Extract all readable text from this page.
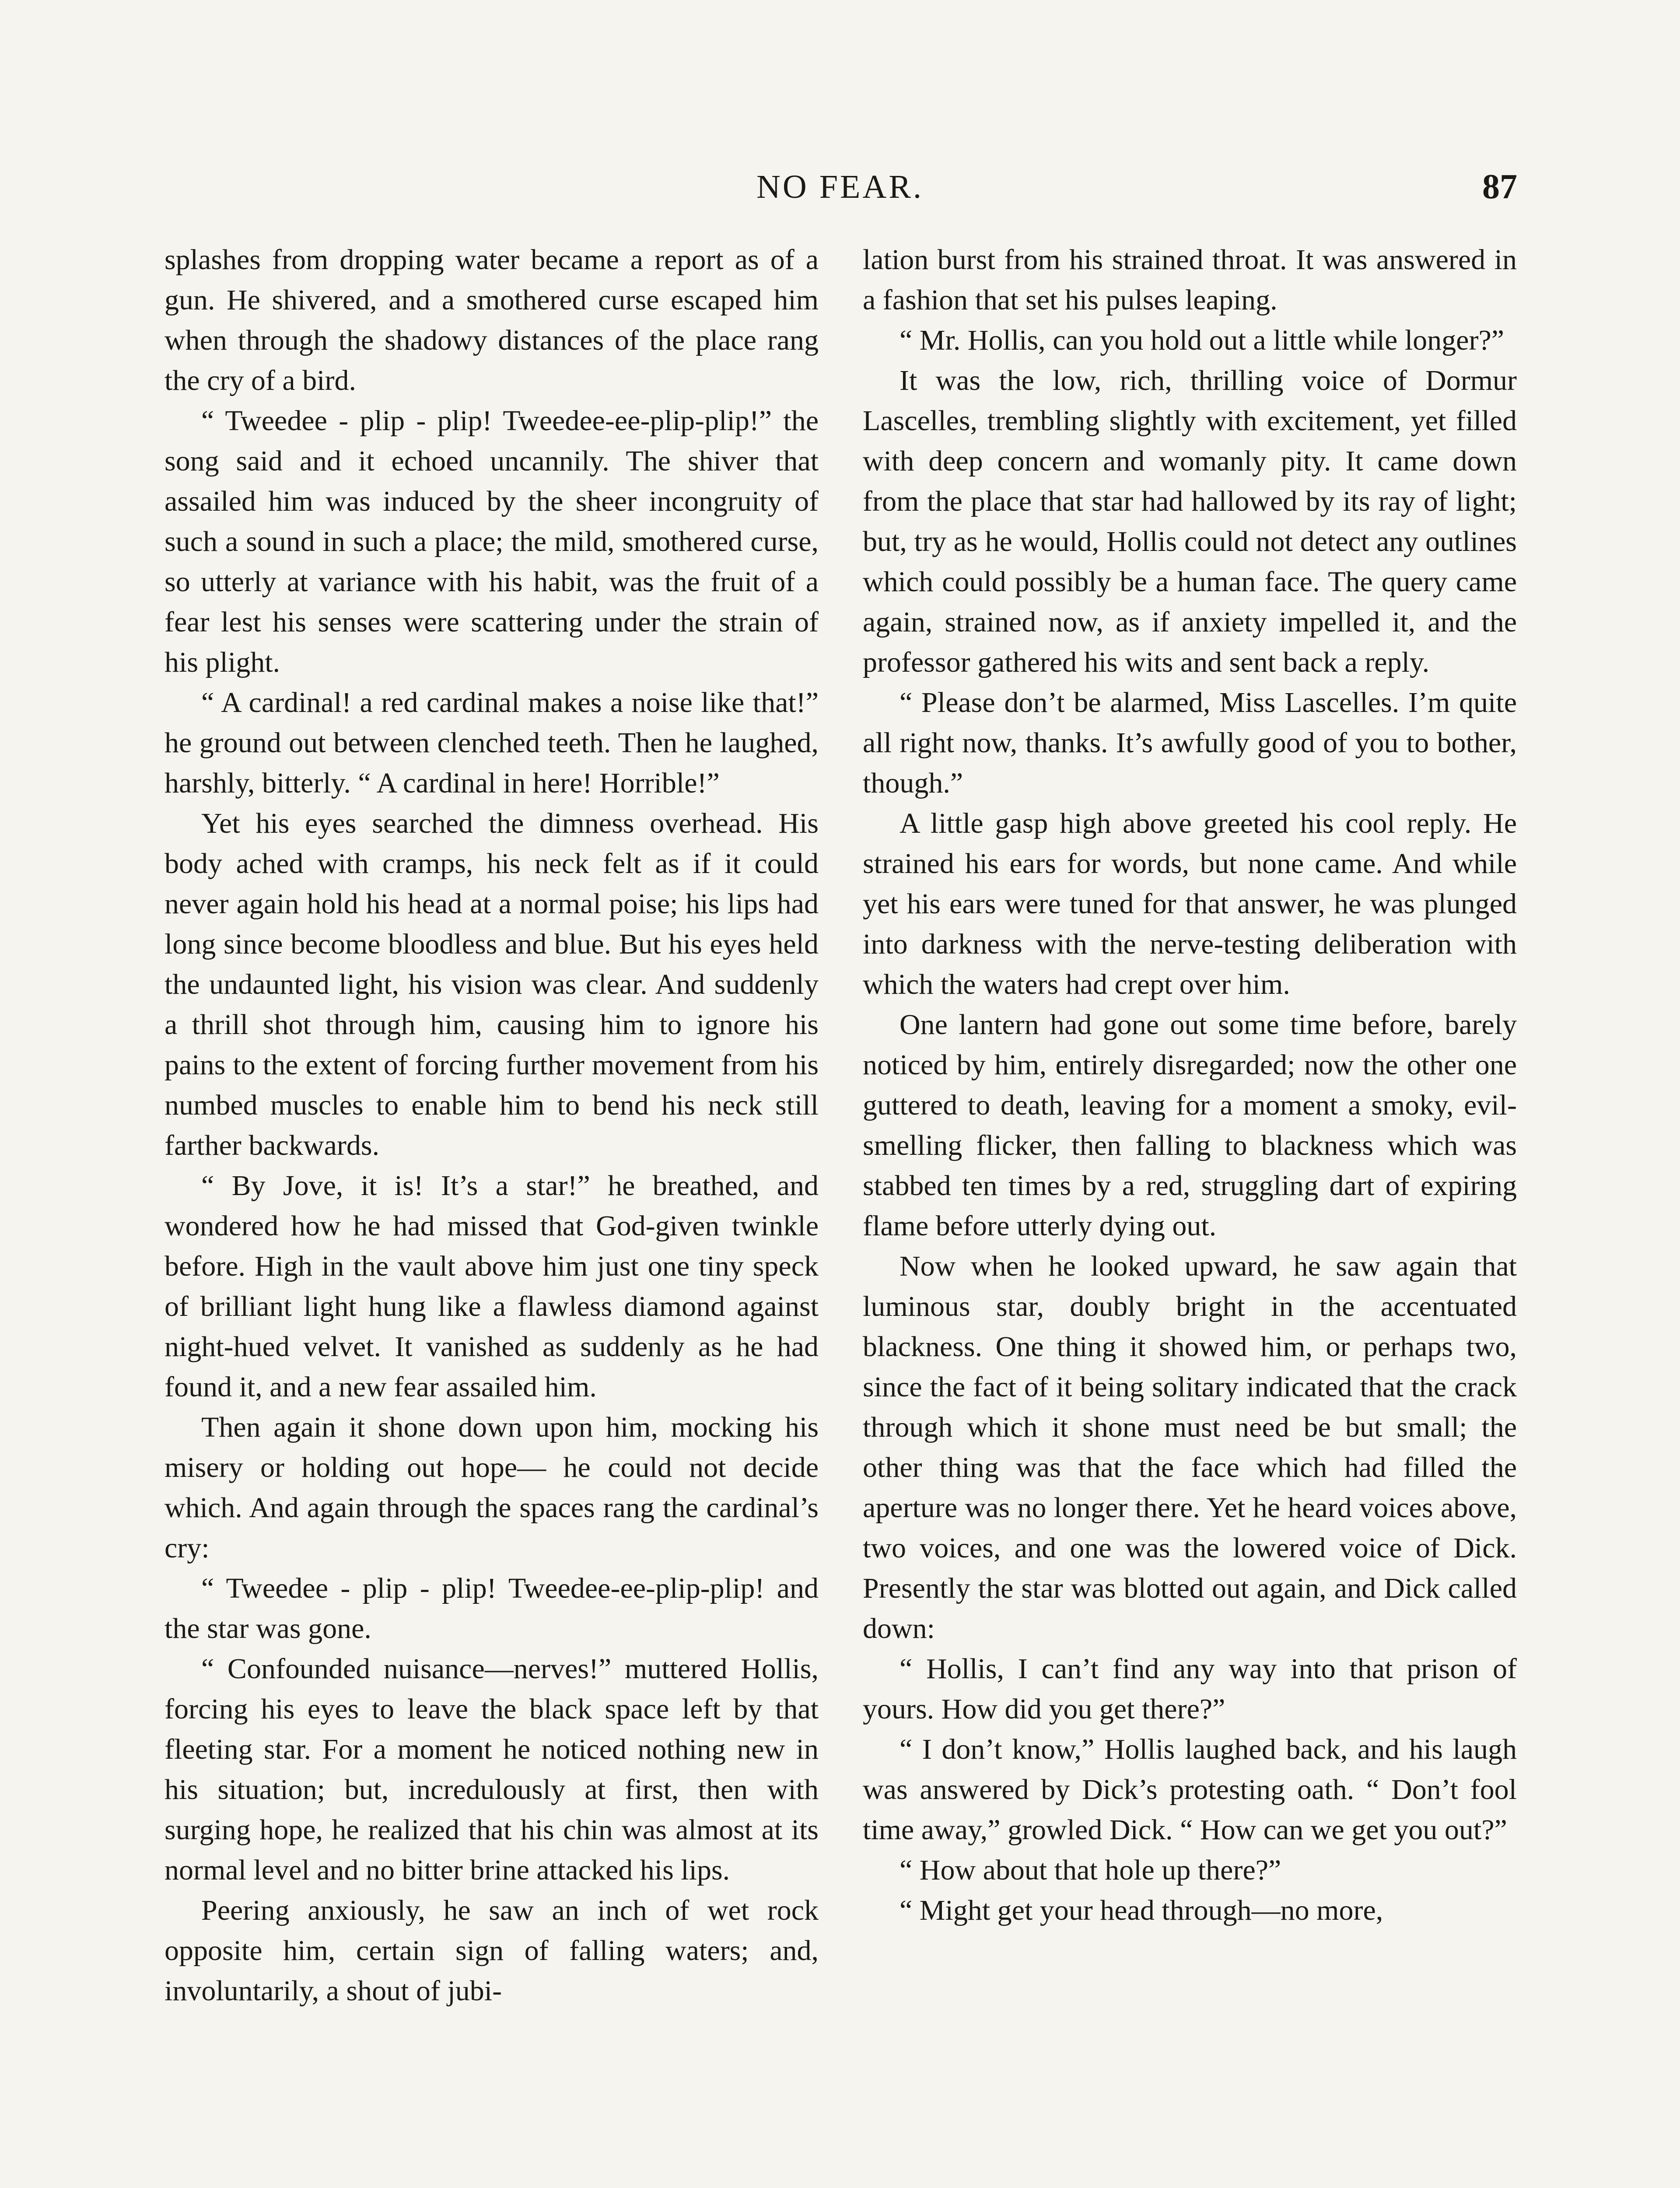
NO FEAR.	87

splashes from dropping water became a report as of a gun. He shivered, and a smothered curse escaped him when through the shadowy distances of the place rang the cry of a bird.

“ Tweedee - plip - plip! Tweedee-ee-plip-plip!” the song said and it echoed uncannily. The shiver that assailed him was induced by the sheer incongruity of such a sound in such a place; the mild, smothered curse, so utterly at variance with his habit, was the fruit of a fear lest his senses were scattering under the strain of his plight.

“ A cardinal! a red cardinal makes a noise like that!” he ground out between clenched teeth. Then he laughed, harshly, bitterly. “ A cardinal in here! Horrible!”

Yet his eyes searched the dimness overhead. His body ached with cramps, his neck felt as if it could never again hold his head at a normal poise; his lips had long since become bloodless and blue. But his eyes held the undaunted light, his vision was clear. And suddenly a thrill shot through him, causing him to ignore his pains to the extent of forcing further movement from his numbed muscles to enable him to bend his neck still farther backwards.

“ By Jove, it is! It’s a star!” he breathed, and wondered how he had missed that God-given twinkle before. High in the vault above him just one tiny speck of brilliant light hung like a flawless diamond against night-hued velvet. It vanished as suddenly as he had found it, and a new fear assailed him.

Then again it shone down upon him, mocking his misery or holding out hope— he could not decide which. And again through the spaces rang the cardinal’s cry:

“ Tweedee - plip - plip! Tweedee-ee-plip-plip! and the star was gone.

“ Confounded nuisance—nerves!” muttered Hollis, forcing his eyes to leave the black space left by that fleeting star. For a moment he noticed nothing new in his situation; but, incredulously at first, then with surging hope, he realized that his chin was almost at its normal level and no bitter brine attacked his lips.

Peering anxiously, he saw an inch of wet rock opposite him, certain sign of falling waters; and, involuntarily, a shout of jubi-

lation burst from his strained throat. It was answered in a fashion that set his pulses leaping.

“ Mr. Hollis, can you hold out a little while longer?”

It was the low, rich, thrilling voice of Dormur Lascelles, trembling slightly with excitement, yet filled with deep concern and womanly pity. It came down from the place that star had hallowed by its ray of light; but, try as he would, Hollis could not detect any outlines which could possibly be a human face. The query came again, strained now, as if anxiety impelled it, and the professor gathered his wits and sent back a reply.

“ Please don’t be alarmed, Miss Lascelles. I’m quite all right now, thanks. It’s awfully good of you to bother, though.”

A little gasp high above greeted his cool reply. He strained his ears for words, but none came. And while yet his ears were tuned for that answer, he was plunged into darkness with the nerve-testing deliberation with which the waters had crept over him.

One lantern had gone out some time before, barely noticed by him, entirely disregarded; now the other one guttered to death, leaving for a moment a smoky, evil-smelling flicker, then falling to blackness which was stabbed ten times by a red, struggling dart of expiring flame before utterly dying out.

Now when he looked upward, he saw again that luminous star, doubly bright in the accentuated blackness. One thing it showed him, or perhaps two, since the fact of it being solitary indicated that the crack through which it shone must need be but small; the other thing was that the face which had filled the aperture was no longer there. Yet he heard voices above, two voices, and one was the lowered voice of Dick. Presently the star was blotted out again, and Dick called down:

“ Hollis, I can’t find any way into that prison of yours. How did you get there?”

“ I don’t know,” Hollis laughed back, and his laugh was answered by Dick’s protesting oath. “ Don’t fool time away,” growled Dick. “ How can we get you out?”

“ How about that hole up there?”

“ Might get your head through—no more,
